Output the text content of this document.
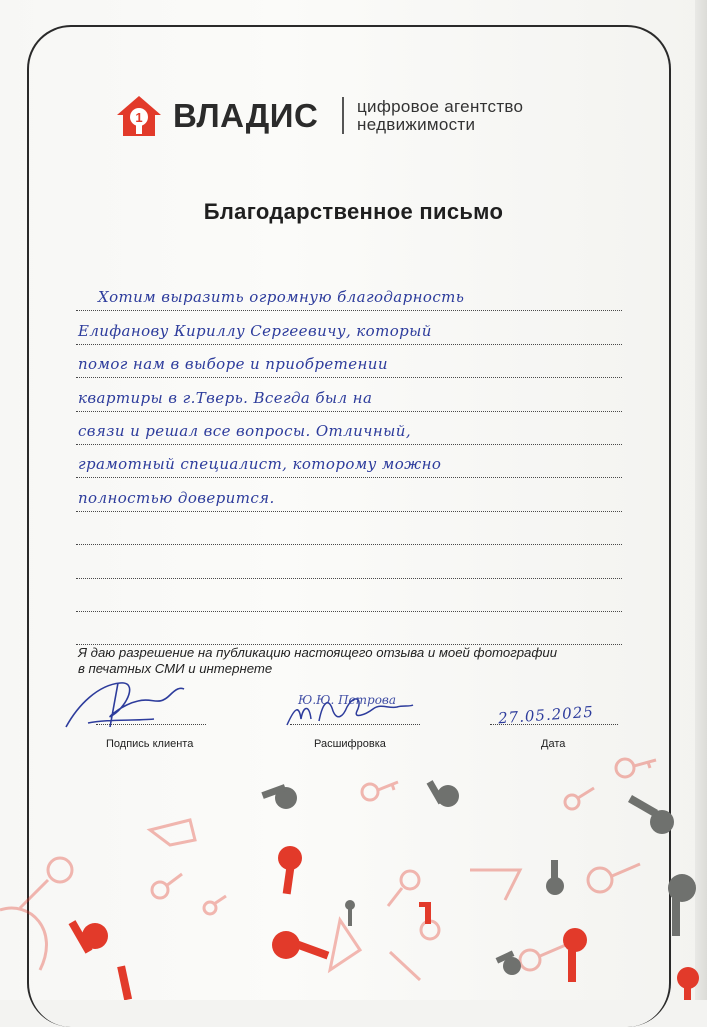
1 ВЛАДИС цифровое агентство
недвижимости
Благодарственное письмо
Хотим выразить огромную благодарность
Елифанову Кириллу Сергеевичу, который
помог нам в выборе и приобретении
квартиры в г.Тверь. Всегда был на
связи и решал все вопросы. Отличный,
грамотный специалист, которому можно
полностью доверится.
Я даю разрешение на публикацию настоящего отзыва и моей фотографии
в печатных СМИ и интернете
Подпись клиента	Расшифровка
27.05.2025
Дата
Ю.Ю. Петрова
